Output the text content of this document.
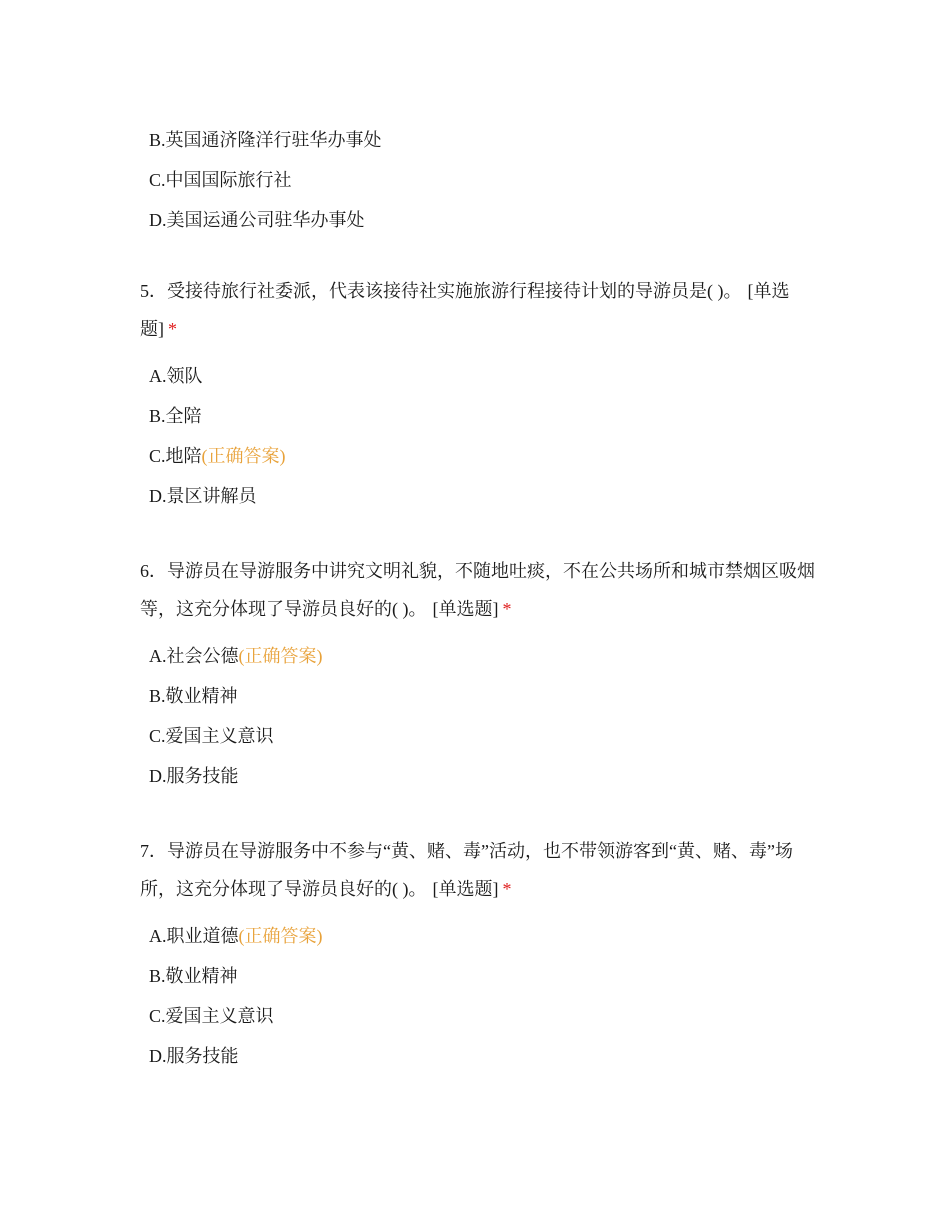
B.英国通济隆洋行驻华办事处
C.中国国际旅行社
D.美国运通公司驻华办事处

5．受接待旅行社委派，代表该接待社实施旅游行程接待计划的导游员是( )。 [单选题] *

A.领队
B.全陪
C.地陪(正确答案)
D.景区讲解员

6．导游员在导游服务中讲究文明礼貌，不随地吐痰，不在公共场所和城市禁烟区吸烟等，这充分体现了导游员良好的( )。 [单选题] *

A.社会公德(正确答案)
B.敬业精神
C.爱国主义意识
D.服务技能

7．导游员在导游服务中不参与“黄、赌、毒”活动，也不带领游客到“黄、赌、毒”场所，这充分体现了导游员良好的( )。 [单选题] *

A.职业道德(正确答案)
B.敬业精神
C.爱国主义意识
D.服务技能
